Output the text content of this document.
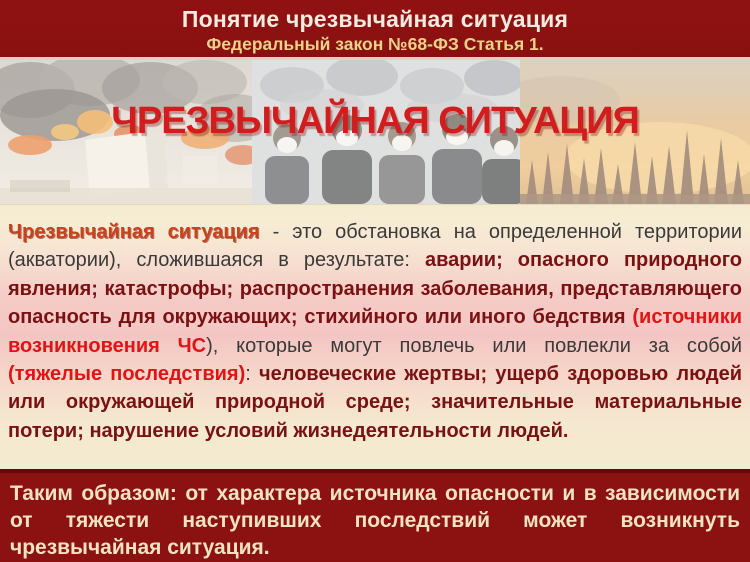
Понятие чрезвычайная ситуация
Федеральный закон №68-ФЗ Статья 1.
ЧРЕЗВЫЧАЙНАЯ СИТУАЦИЯ

Чрезвычайная ситуация - это обстановка на определенной территории (акватории), сложившаяся в результате: аварии; опасного природного явления; катастрофы; распространения заболевания, представляющего опасность для окружающих; стихийного или иного бедствия (источники возникновения ЧС), которые могут повлечь или повлекли за собой (тяжелые последствия): человеческие жертвы; ущерб здоровью людей или окружающей природной среде; значительные материальные потери; нарушение условий жизнедеятельности людей.

Таким образом: от характера источника опасности и в зависимости от тяжести наступивших последствий может возникнуть чрезвычайная ситуация.
